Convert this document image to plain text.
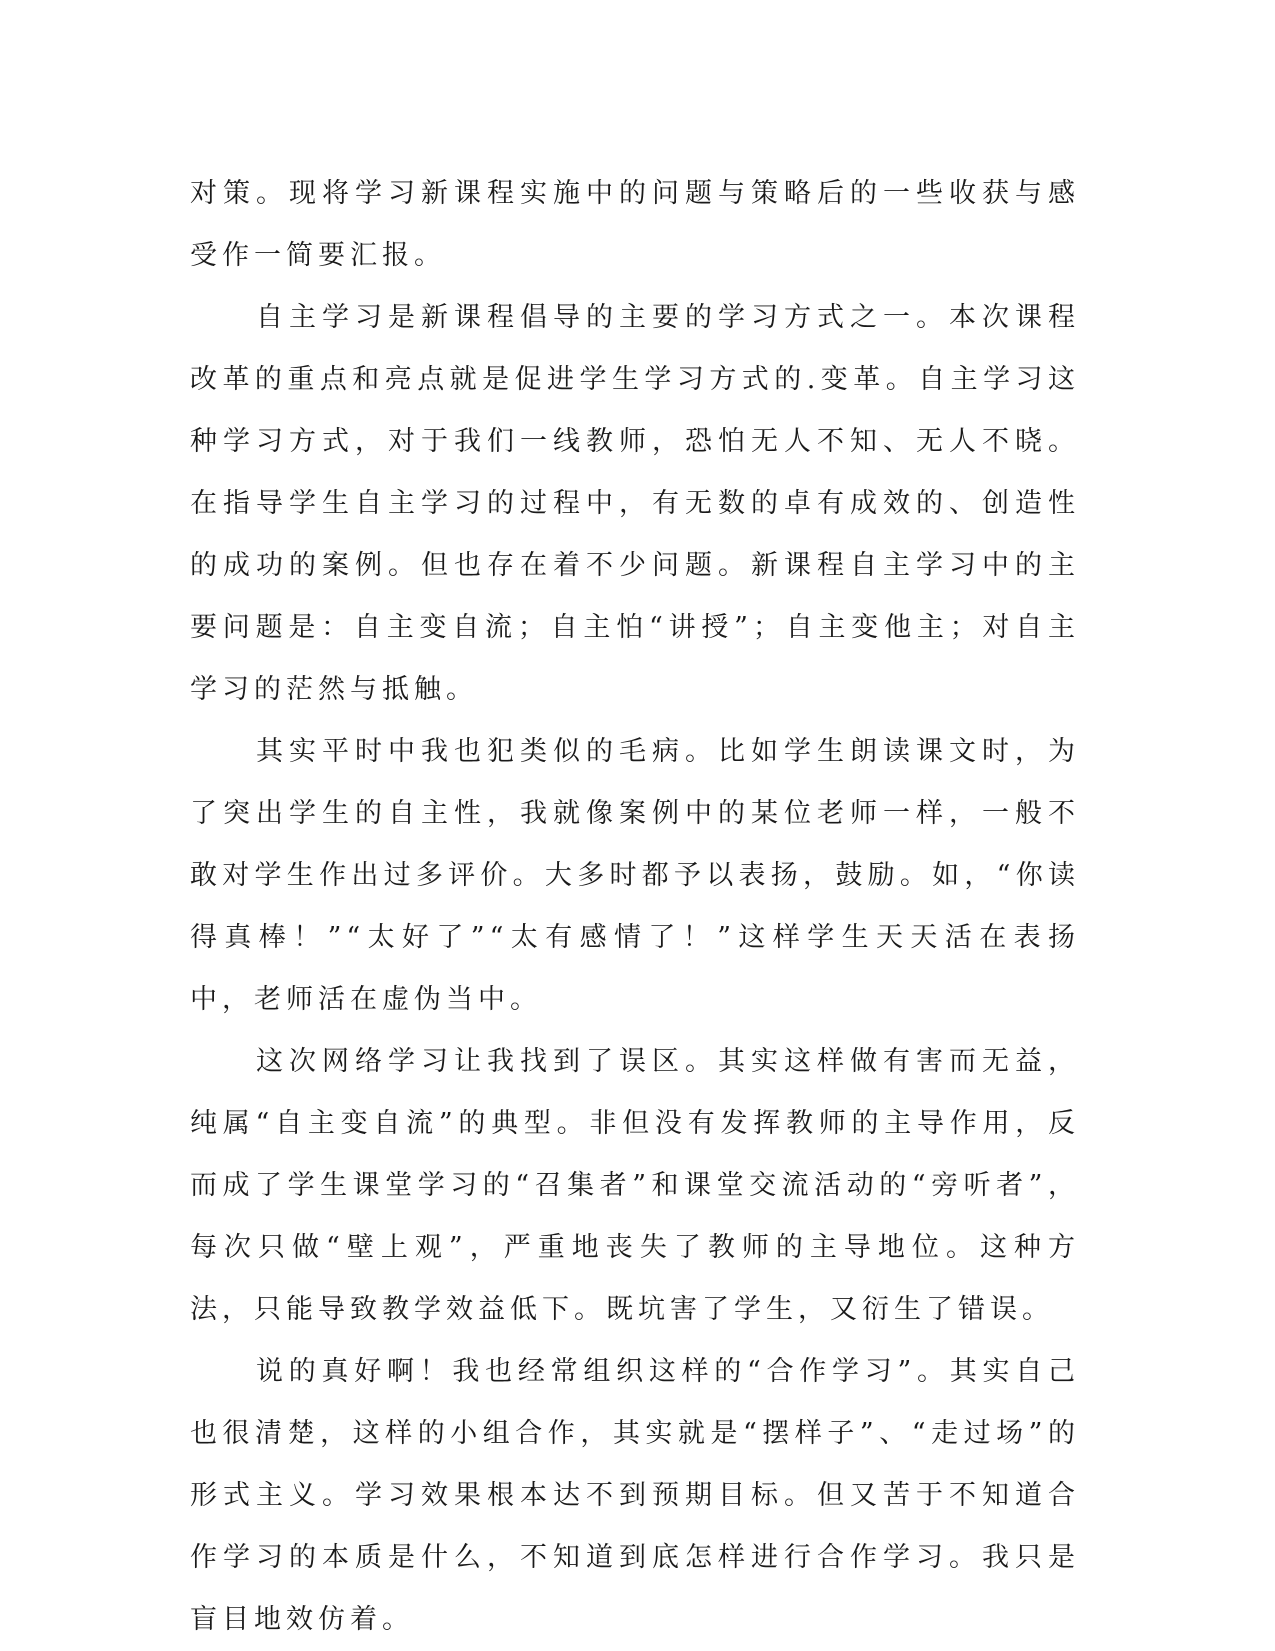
对策。现将学习新课程实施中的问题与策略后的一些收获与感受作一简要汇报。

自主学习是新课程倡导的主要的学习方式之一。本次课程改革的重点和亮点就是促进学生学习方式的.变革。自主学习这种学习方式，对于我们一线教师，恐怕无人不知、无人不晓。在指导学生自主学习的过程中，有无数的卓有成效的、创造性的成功的案例。但也存在着不少问题。新课程自主学习中的主要问题是：自主变自流；自主怕“讲授”；自主变他主；对自主学习的茫然与抵触。

其实平时中我也犯类似的毛病。比如学生朗读课文时，为了突出学生的自主性，我就像案例中的某位老师一样，一般不敢对学生作出过多评价。大多时都予以表扬，鼓励。如，“你读得真棒！”“太好了”“太有感情了！”这样学生天天活在表扬中，老师活在虚伪当中。

这次网络学习让我找到了误区。其实这样做有害而无益，纯属“自主变自流”的典型。非但没有发挥教师的主导作用，反而成了学生课堂学习的“召集者”和课堂交流活动的“旁听者”，每次只做“壁上观”，严重地丧失了教师的主导地位。这种方法，只能导致教学效益低下。既坑害了学生，又衍生了错误。

说的真好啊！我也经常组织这样的“合作学习”。其实自己也很清楚，这样的小组合作，其实就是“摆样子”、“走过场”的形式主义。学习效果根本达不到预期目标。但又苦于不知道合作学习的本质是什么，不知道到底怎样进行合作学习。我只是盲目地效仿着。
